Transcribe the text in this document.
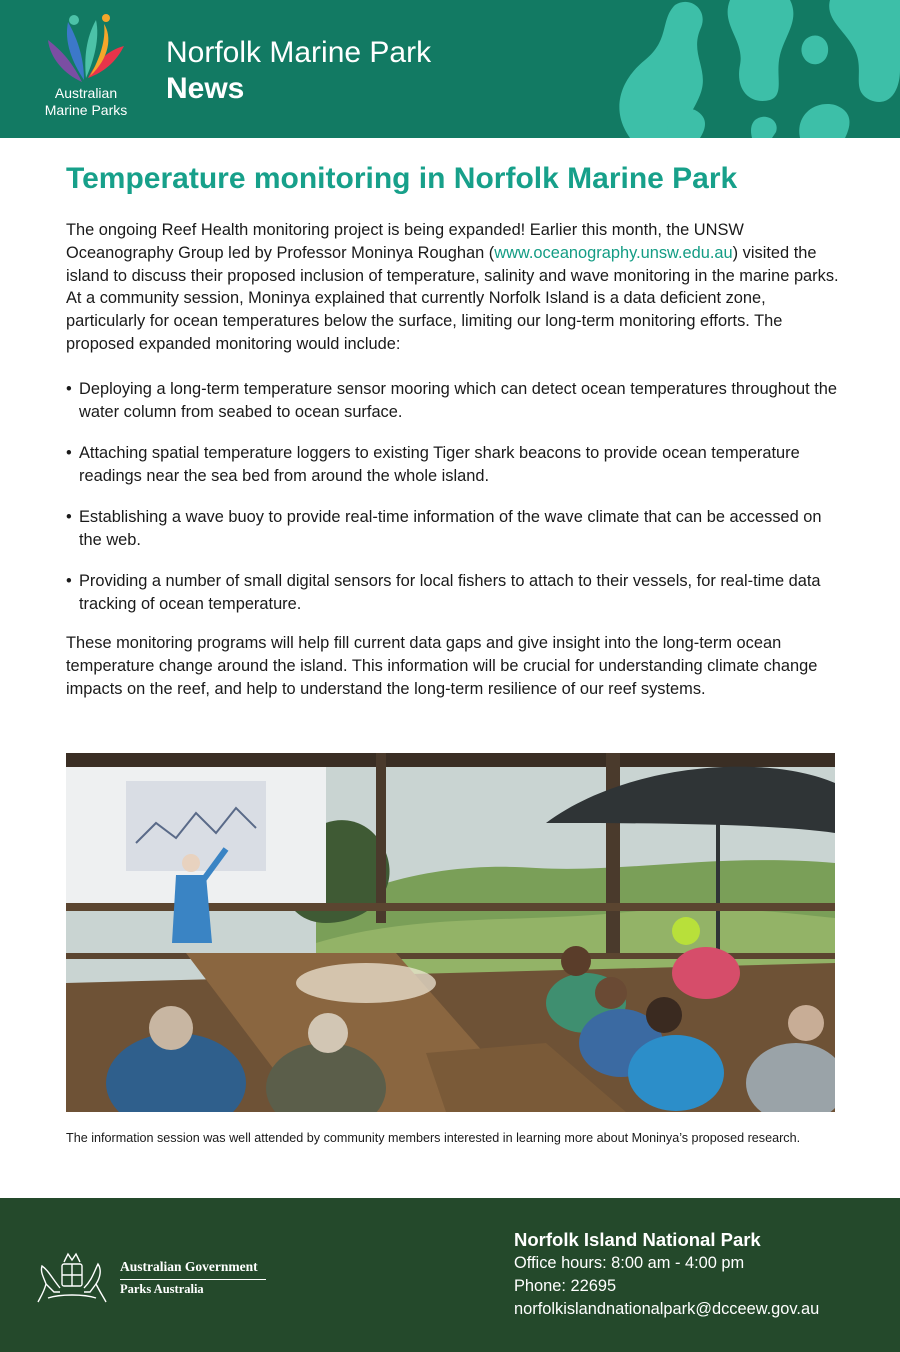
Australian
Marine Parks
Norfolk Marine Park
News
Temperature monitoring in Norfolk Marine Park

The ongoing Reef Health monitoring project is being expanded! Earlier this month, the UNSW Oceanography Group led by Professor Moninya Roughan (www.oceanography.unsw.edu.au) visited the island to discuss their proposed inclusion of temperature, salinity and wave monitoring in the marine parks. At a community session, Moninya explained that currently Norfolk Island is a data deficient zone, particularly for ocean temperatures below the surface, limiting our long-term monitoring efforts. The proposed expanded monitoring would include:

• Deploying a long-term temperature sensor mooring which can detect ocean temperatures throughout the water column from seabed to ocean surface.
• Attaching spatial temperature loggers to existing Tiger shark beacons to provide ocean temperature readings near the sea bed from around the whole island.
• Establishing a wave buoy to provide real-time information of the wave climate that can be accessed on the web.
• Providing a number of small digital sensors for local fishers to attach to their vessels, for real-time data tracking of ocean temperature.

These monitoring programs will help fill current data gaps and give insight into the long-term ocean temperature change around the island. This information will be crucial for understanding climate change impacts on the reef, and help to understand the long-term resilience of our reef systems.

The information session was well attended by community members interested in learning more about Moninya’s proposed research.

Australian Government
Parks Australia
Norfolk Island National Park
Office hours: 8:00 am - 4:00 pm
Phone: 22695
norfolkislandnationalpark@dcceew.gov.au
